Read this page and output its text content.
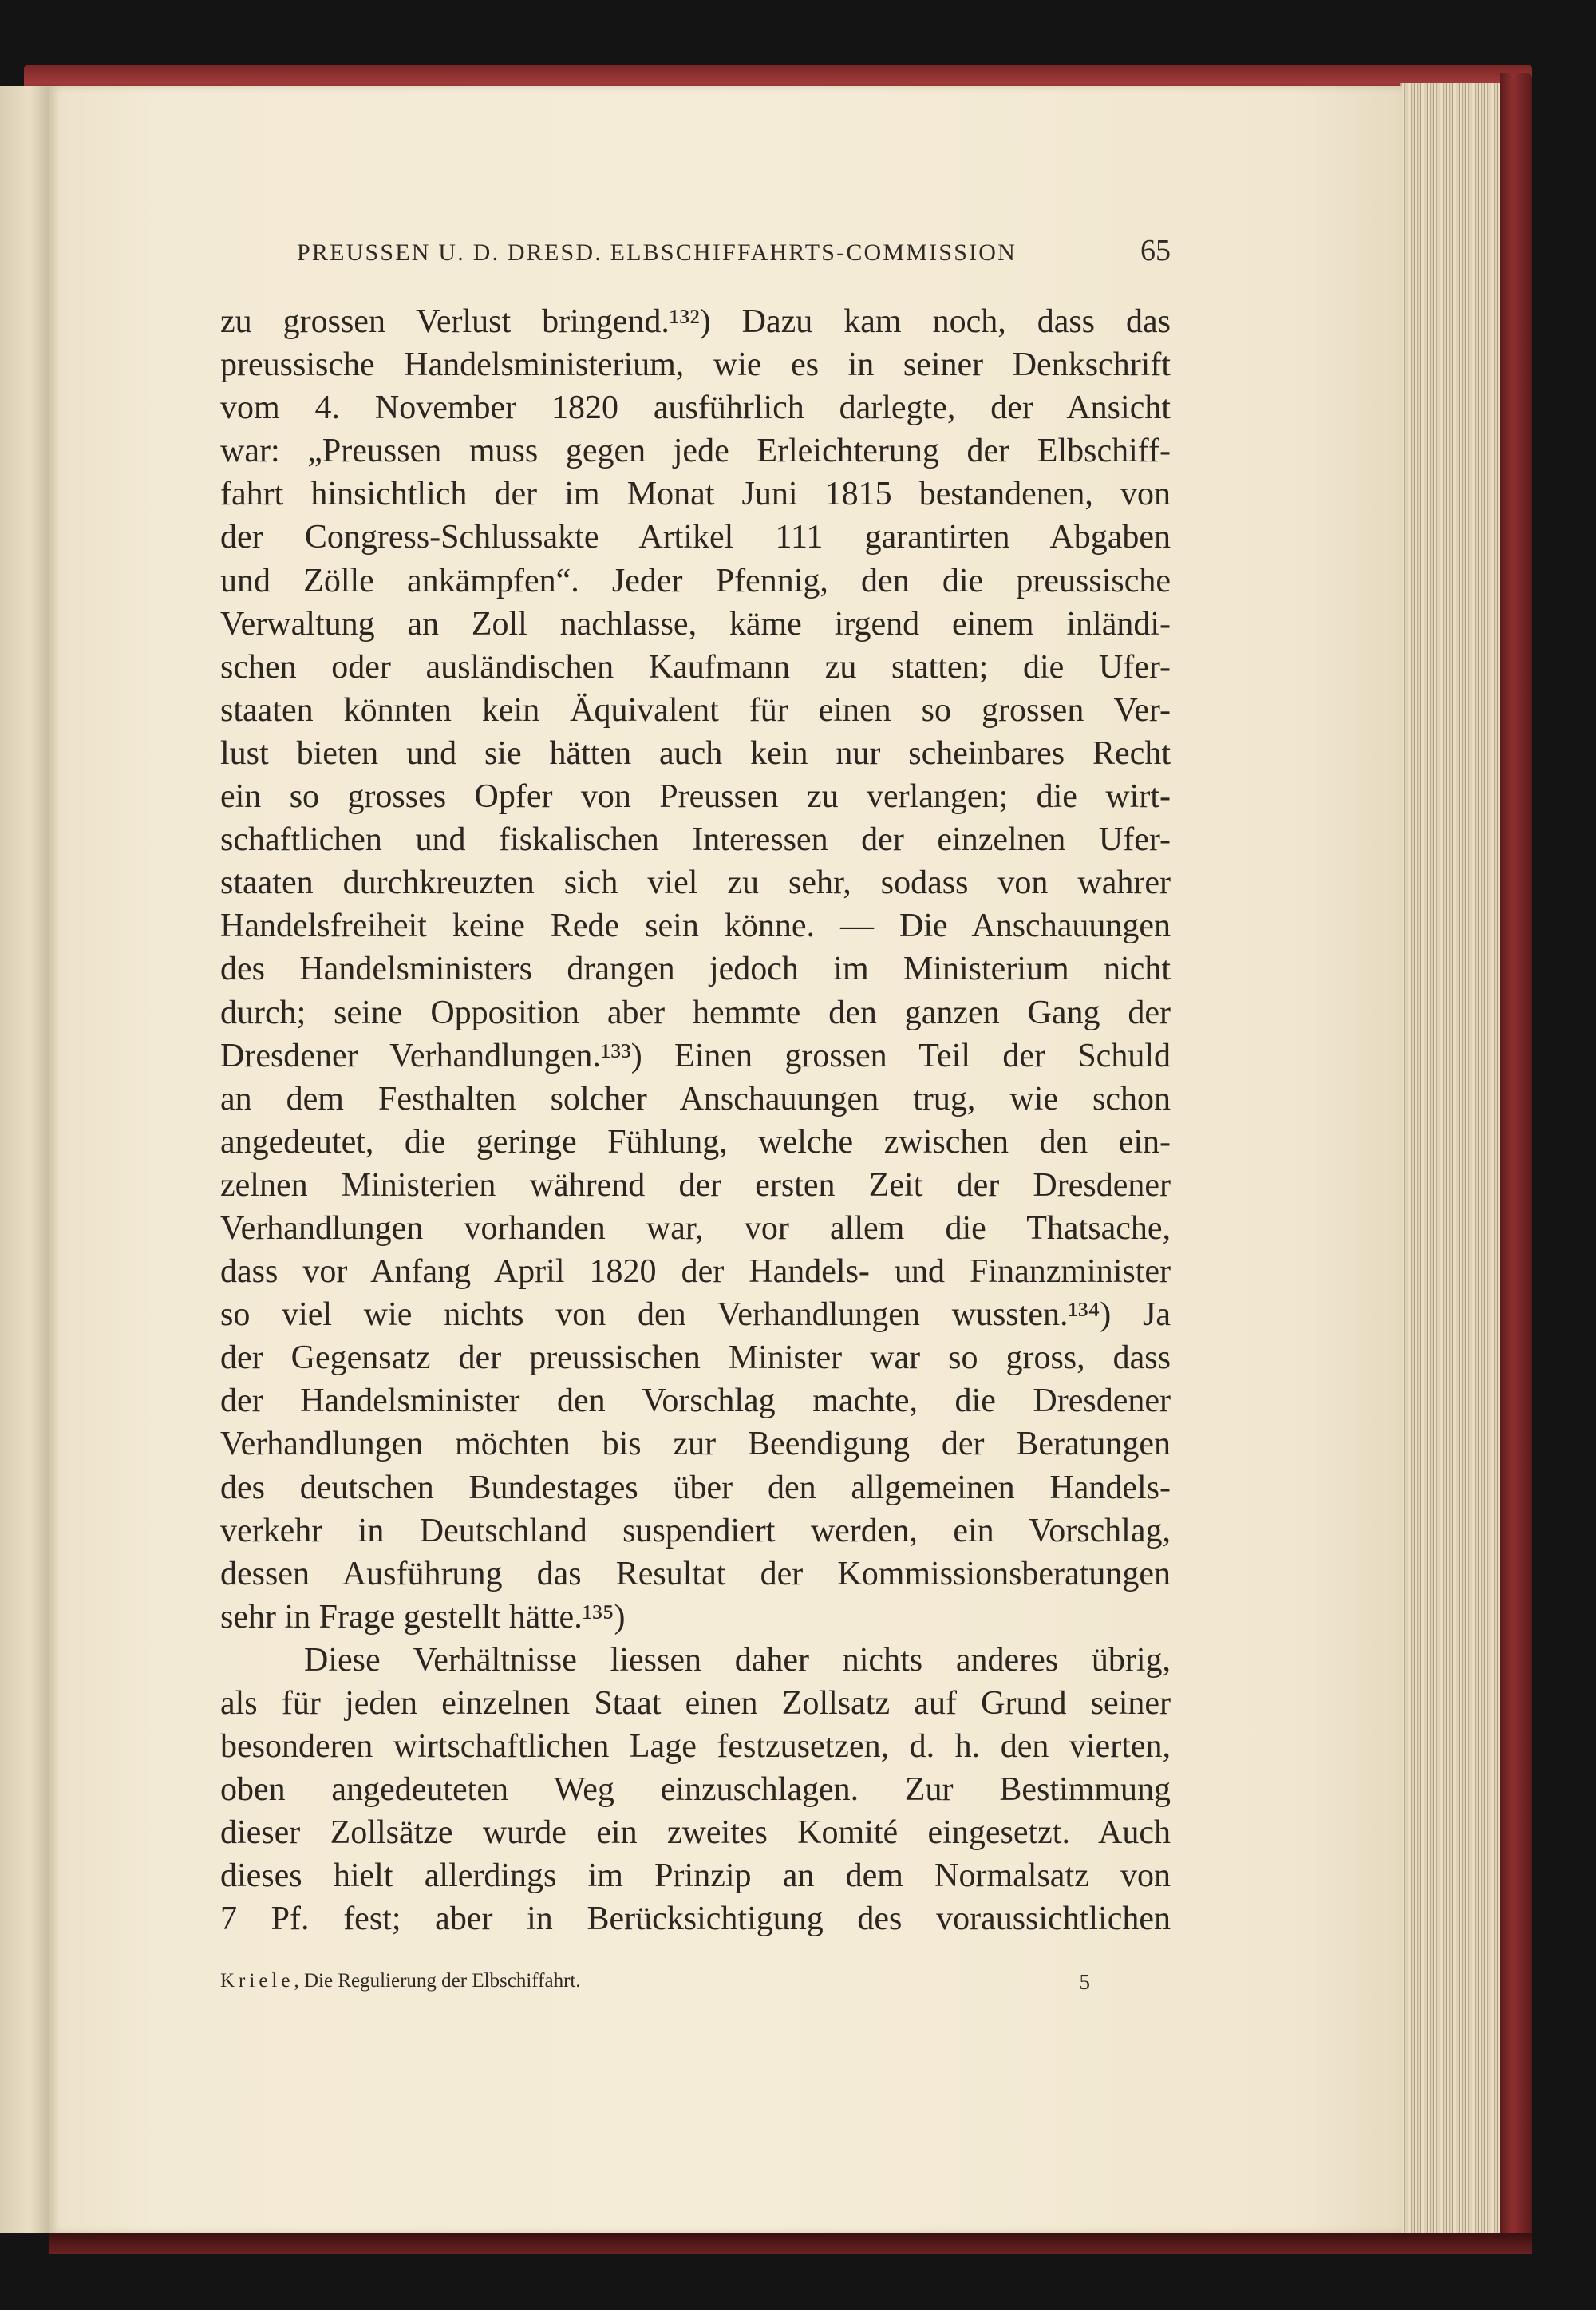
PREUSSEN U. D. DRESD. ELBSCHIFFAHRTS-COMMISSION	65
zu grossen Verlust bringend.¹³²) Dazu kam noch, dass das
preussische Handelsministerium, wie es in seiner Denkschrift
vom 4. November 1820 ausführlich darlegte, der Ansicht
war: „Preussen muss gegen jede Erleichterung der Elbschiff-
fahrt hinsichtlich der im Monat Juni 1815 bestandenen, von
der Congress-Schlussakte Artikel 111 garantirten Abgaben
und Zölle ankämpfen“. Jeder Pfennig, den die preussische
Verwaltung an Zoll nachlasse, käme irgend einem inländi-
schen oder ausländischen Kaufmann zu statten; die Ufer-
staaten könnten kein Äquivalent für einen so grossen Ver-
lust bieten und sie hätten auch kein nur scheinbares Recht
ein so grosses Opfer von Preussen zu verlangen; die wirt-
schaftlichen und fiskalischen Interessen der einzelnen Ufer-
staaten durchkreuzten sich viel zu sehr, sodass von wahrer
Handelsfreiheit keine Rede sein könne. — Die Anschauungen
des Handelsministers drangen jedoch im Ministerium nicht
durch; seine Opposition aber hemmte den ganzen Gang der
Dresdener Verhandlungen.¹³³) Einen grossen Teil der Schuld
an dem Festhalten solcher Anschauungen trug, wie schon
angedeutet, die geringe Fühlung, welche zwischen den ein-
zelnen Ministerien während der ersten Zeit der Dresdener
Verhandlungen vorhanden war, vor allem die Thatsache,
dass vor Anfang April 1820 der Handels- und Finanzminister
so viel wie nichts von den Verhandlungen wussten.¹³⁴) Ja
der Gegensatz der preussischen Minister war so gross, dass
der Handelsminister den Vorschlag machte, die Dresdener
Verhandlungen möchten bis zur Beendigung der Beratungen
des deutschen Bundestages über den allgemeinen Handels-
verkehr in Deutschland suspendiert werden, ein Vorschlag,
dessen Ausführung das Resultat der Kommissionsberatungen
sehr in Frage gestellt hätte.¹³⁵)
Diese Verhältnisse liessen daher nichts anderes übrig,
als für jeden einzelnen Staat einen Zollsatz auf Grund seiner
besonderen wirtschaftlichen Lage festzusetzen, d. h. den vierten,
oben angedeuteten Weg einzuschlagen. Zur Bestimmung
dieser Zollsätze wurde ein zweites Komité eingesetzt. Auch
dieses hielt allerdings im Prinzip an dem Normalsatz von
7 Pf. fest; aber in Berücksichtigung des voraussichtlichen
Kriele, Die Regulierung der Elbschiffahrt.	5
